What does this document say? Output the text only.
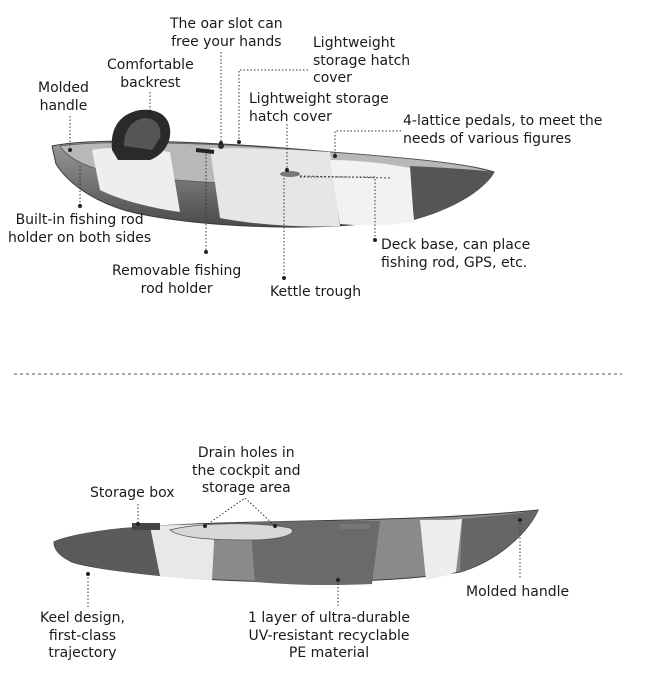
Molded
handle
Comfortable
backrest
The oar slot can
free your hands Lightweight
storage hatch
cover
Lightweight storage
hatch cover	4-lattice pedals, to meet the
needs of various figures
Built-in fishing rod
holder on both sides
Removable fishing
rod holder	Kettle trough
Deck base, can place
fishing rod, GPS, etc.
Drain holes in
the cockpit and
storage area
Storage box
Keel design,
first-class
trajectory
1 layer of ultra-durable
UV-resistant recyclable
PE material
Molded handle
